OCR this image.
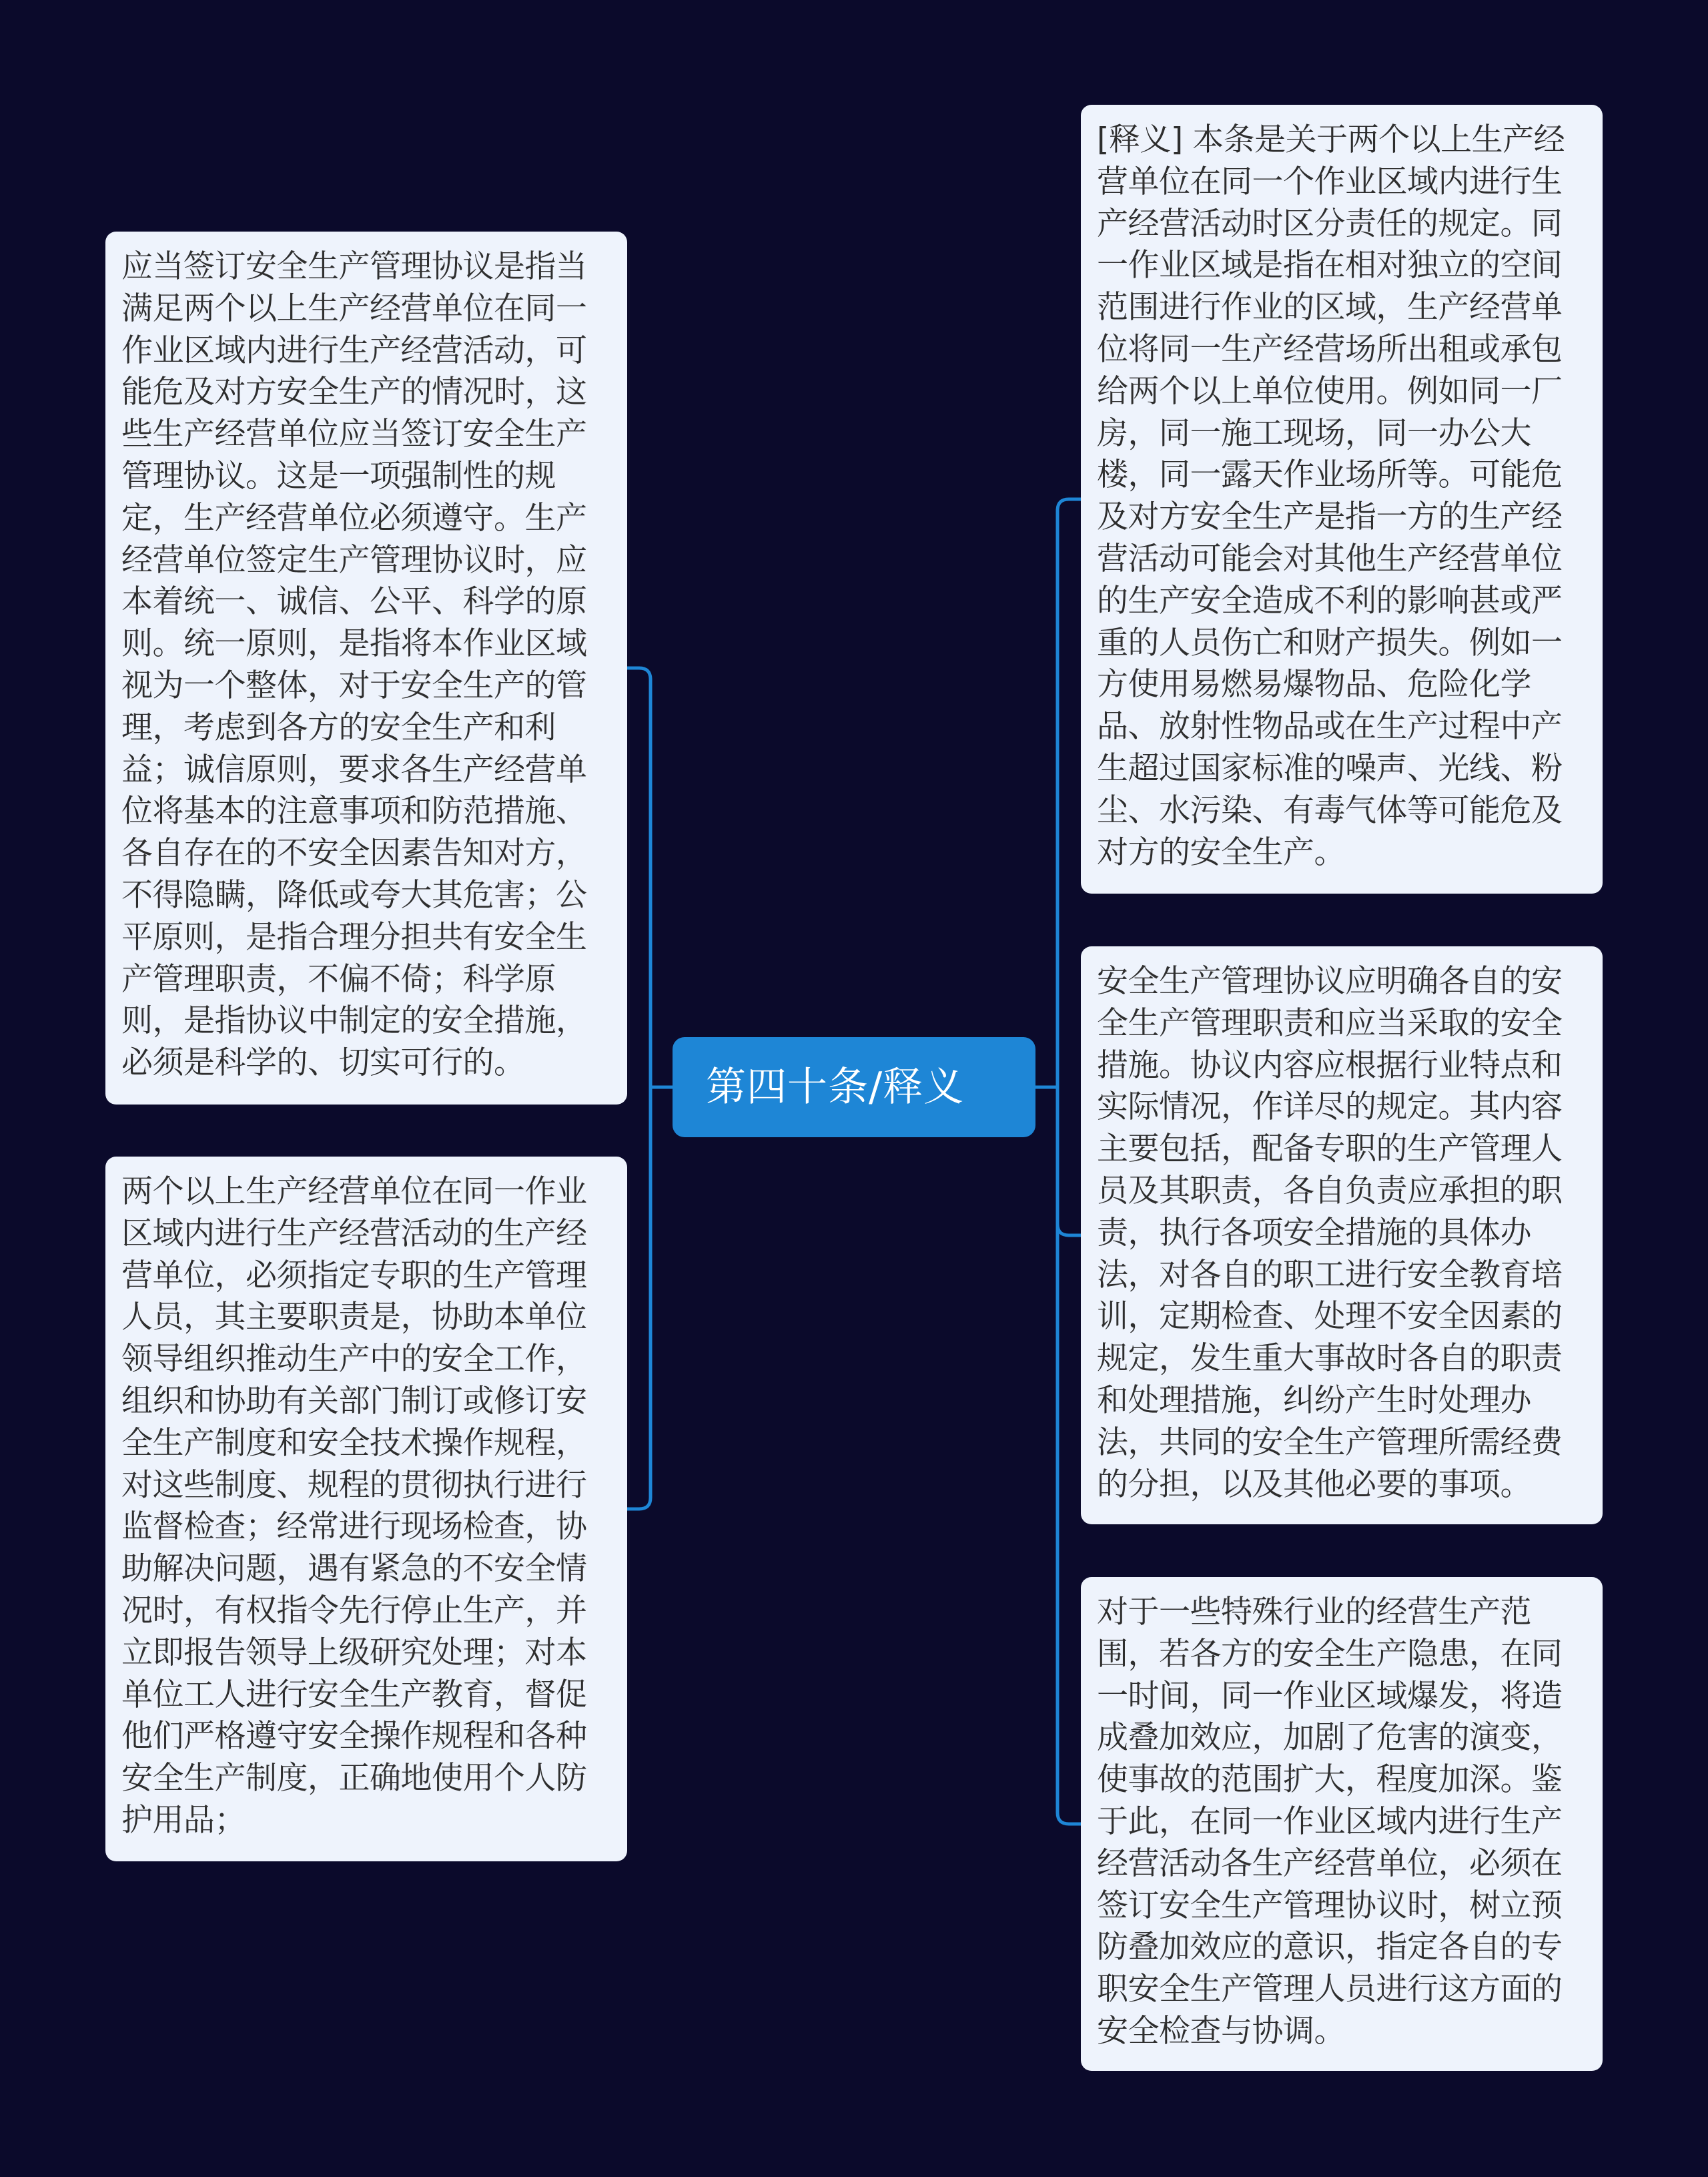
第四十条/释义
应当签订安全生产管理协议是指当满足两个以上生产经营单位在同一作业区域内进行生产经营活动，可能危及对方安全生产的情况时，这些生产经营单位应当签订安全生产管理协议。这是一项强制性的规定，生产经营单位必须遵守。生产经营单位签定生产管理协议时，应本着统一、诚信、公平、科学的原则。统一原则，是指将本作业区域视为一个整体，对于安全生产的管理，考虑到各方的安全生产和利益；诚信原则，要求各生产经营单位将基本的注意事项和防范措施、各自存在的不安全因素告知对方，不得隐瞒，降低或夸大其危害；公平原则，是指合理分担共有安全生产管理职责，不偏不倚；科学原则，是指协议中制定的安全措施，必须是科学的、切实可行的。
两个以上生产经营单位在同一作业区域内进行生产经营活动的生产经营单位，必须指定专职的生产管理人员，其主要职责是，协助本单位领导组织推动生产中的安全工作，组织和协助有关部门制订或修订安全生产制度和安全技术操作规程，对这些制度、规程的贯彻执行进行监督检查；经常进行现场检查，协助解决问题，遇有紧急的不安全情况时，有权指令先行停止生产，并立即报告领导上级研究处理；对本单位工人进行安全生产教育，督促他们严格遵守安全操作规程和各种安全生产制度，正确地使用个人防护用品；
[释义] 本条是关于两个以上生产经营单位在同一个作业区域内进行生产经营活动时区分责任的规定。同一作业区域是指在相对独立的空间范围进行作业的区域，生产经营单位将同一生产经营场所出租或承包给两个以上单位使用。例如同一厂房，同一施工现场，同一办公大楼，同一露天作业场所等。可能危及对方安全生产是指一方的生产经营活动可能会对其他生产经营单位的生产安全造成不利的影响甚或严重的人员伤亡和财产损失。例如一方使用易燃易爆物品、危险化学品、放射性物品或在生产过程中产生超过国家标准的噪声、光线、粉尘、水污染、有毒气体等可能危及对方的安全生产。
安全生产管理协议应明确各自的安全生产管理职责和应当采取的安全措施。协议内容应根据行业特点和实际情况，作详尽的规定。其内容主要包括，配备专职的生产管理人员及其职责，各自负责应承担的职责，执行各项安全措施的具体办法，对各自的职工进行安全教育培训，定期检查、处理不安全因素的规定，发生重大事故时各自的职责和处理措施，纠纷产生时处理办法，共同的安全生产管理所需经费的分担，以及其他必要的事项。
对于一些特殊行业的经营生产范围，若各方的安全生产隐患，在同一时间，同一作业区域爆发，将造成叠加效应，加剧了危害的演变，使事故的范围扩大，程度加深。鉴于此，在同一作业区域内进行生产经营活动各生产经营单位，必须在签订安全生产管理协议时，树立预防叠加效应的意识，指定各自的专职安全生产管理人员进行这方面的安全检查与协调。
